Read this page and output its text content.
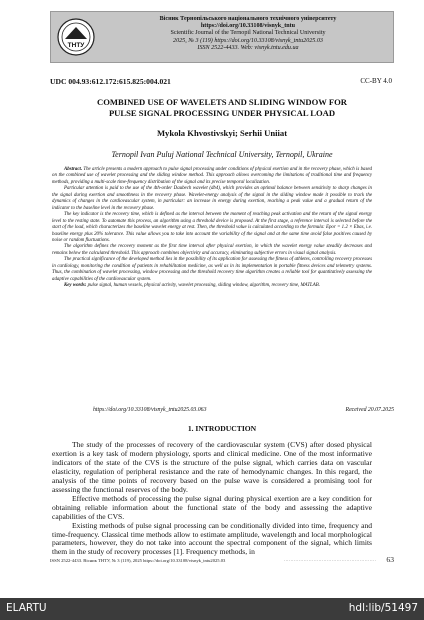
ТНТУ
Вісник Тернопільського національного технічного університету
https://doi.org/10.33108/visnyk_tntu
Scientific Journal of the Ternopil National Technical University
2025, № 3 (119) https://doi.org/10.33108/visnyk_tntu2025.03
ISSN 2522-4433. Web: visnyk.tntu.edu.ua
UDC 004.93:612.172:615.825:004.021	CC-BY 4.0
COMBINED USE OF WAVELETS AND SLIDING WINDOW FOR
PULSE SIGNAL PROCESSING UNDER PHYSICAL LOAD
Mykola Khvostivskyi; Serhii Uniiat
Ternopil Ivan Puluj National Technical University, Ternopil, Ukraine

Abstract. The article presents a modern approach to pulse signal processing under conditions of physical exertion and in the recovery phase, which is based on the combined use of wavelet processing and the sliding window method. This approach allows overcoming the limitations of traditional time and frequency methods, providing a multi-scale time-frequency distribution of the signal and its precise temporal localization.

Particular attention is paid to the use of the 4th-order Daubech wavelet (db4), which provides an optimal balance between sensitivity to sharp changes in the signal during exertion and smoothness in the recovery phase. Wavelet-energy analysis of the signal in the sliding window made it possible to track the dynamics of changes in the cardiovascular system, in particular: an increase in energy during exertion, reaching a peak value and a gradual return of the indicator to the baseline level in the recovery phase.

The key indicator is the recovery time, which is defined as the interval between the moment of reaching peak activation and the return of the signal energy level to the resting state. To automate this process, an algorithm using a threshold device is proposed. At the first stage, a reference interval is selected before the start of the load, which characterizes the baseline wavelet energy at rest. Then, the threshold value is calculated according to the formula: Epor = 1.2 × Ebas, i.e. baseline energy plus 20% tolerance. This value allows you to take into account the variability of the signal and at the same time avoid false positives caused by noise or random fluctuations.

The algorithm defines the recovery moment as the first time interval after physical exertion, in which the wavelet energy value steadily decreases and remains below the calculated threshold. This approach combines objectivity and accuracy, eliminating subjective errors in visual signal analysis.

The practical significance of the developed method lies in the possibility of its application for assessing the fitness of athletes, controlling recovery processes in cardiology, monitoring the condition of patients in rehabilitation medicine, as well as in its implementation in portable fitness devices and telemetry systems. Thus, the combination of wavelet processing, window processing and the threshold recovery time algorithm creates a reliable tool for quantitatively assessing the adaptive capabilities of the cardiovascular system.

Key words: pulse signal, human vessels, physical activity, wavelet processing, sliding window, algorithm, recovery time, MATLAB.

https://doi.org/10.33108/visnyk_tntu2025.03.063	Received 20.07.2025
1. INTRODUCTION

The study of the processes of recovery of the cardiovascular system (CVS) after dosed physical exertion is a key task of modern physiology, sports and clinical medicine. One of the most informative indicators of the state of the CVS is the structure of the pulse signal, which carries data on vascular elasticity, regulation of peripheral resistance and the rate of hemodynamic changes. In this regard, the analysis of the time points of recovery based on the pulse wave is considered a promising tool for assessing the functional reserves of the body.

Effective methods of processing the pulse signal during physical exertion are a key condition for obtaining reliable information about the functional state of the body and assessing the adaptive capabilities of the CVS.

Existing methods of pulse signal processing can be conditionally divided into time, frequency and time-frequency. Classical time methods allow to estimate amplitude, wavelength and local morphological parameters, however, they do not take into account the spectral component of the signal, which limits them in the study of recovery processes [1]. Frequency methods, in

ISSN 2522-4433. Вісник ТНТУ, № 3 (119), 2025 https://doi.org/10.33108/visnyk_tntu2025.03	........................................................ 63
ELARTU	hdl:lib/51497
